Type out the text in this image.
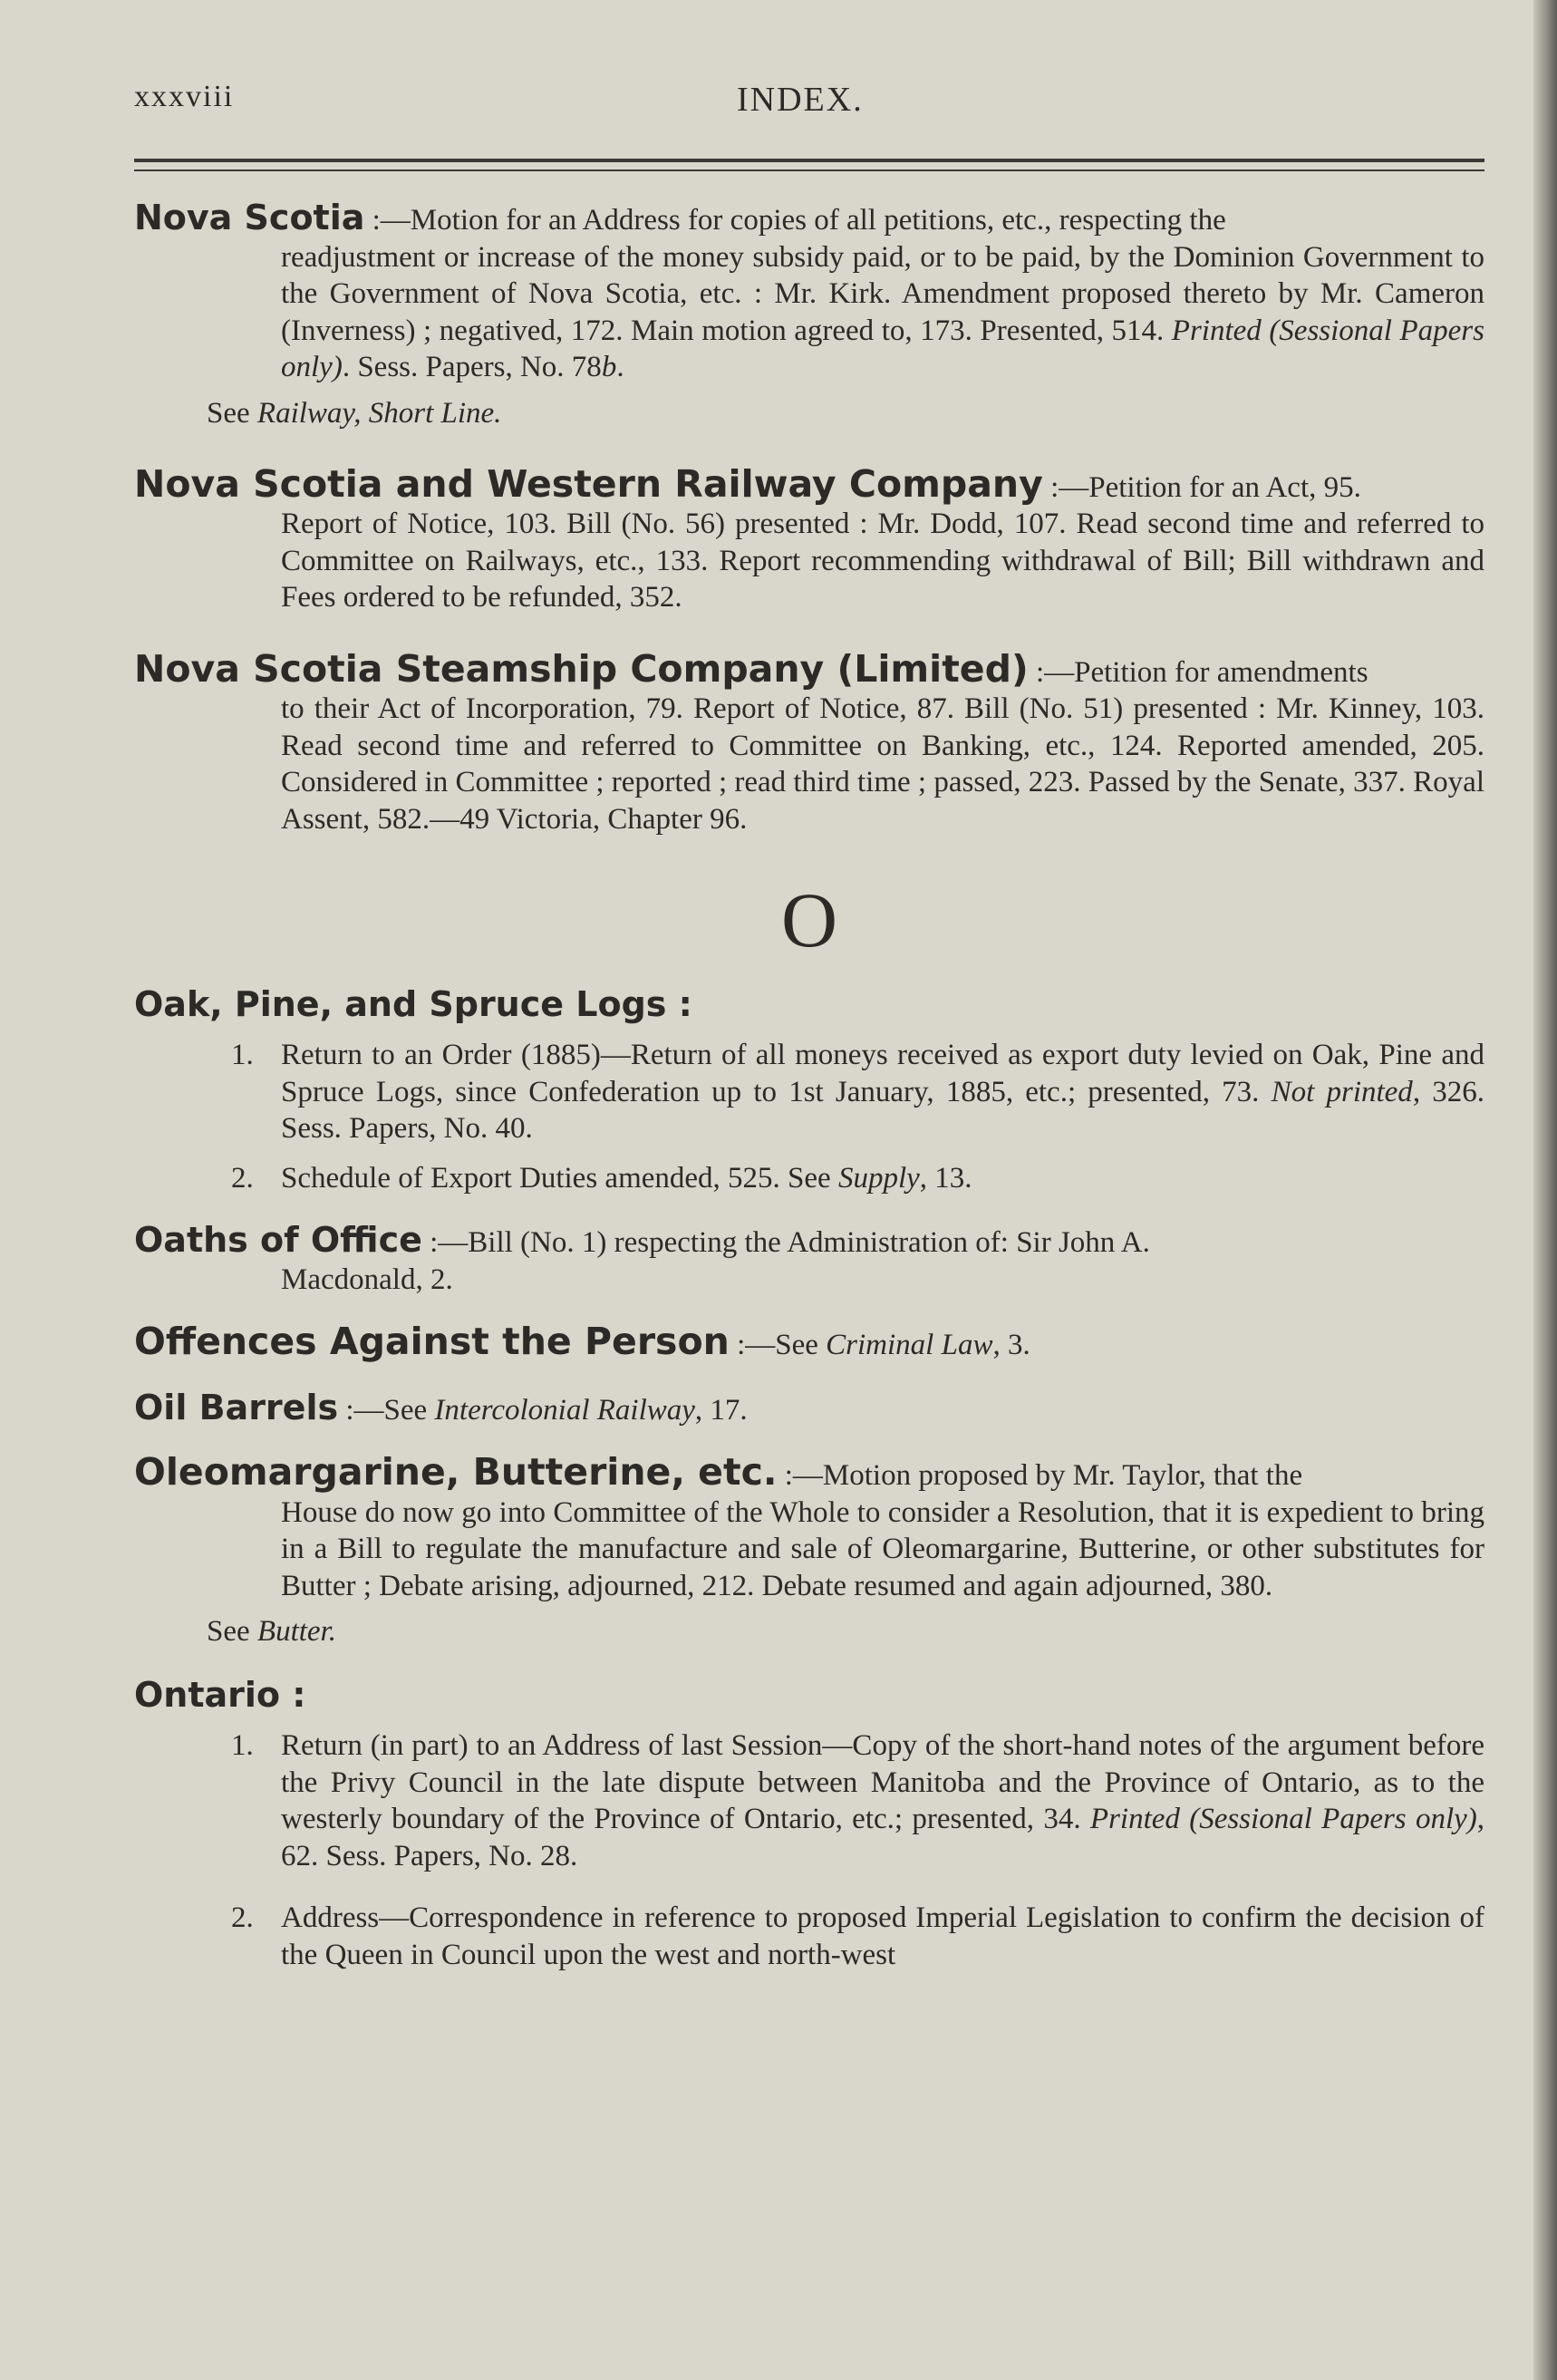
xxxviii	INDEX.
Nova Scotia :—Motion for an Address for copies of all petitions, etc., respecting the
readjustment or increase of the money subsidy paid, or to be paid, by the Dominion Government to the Government of Nova Scotia, etc. : Mr. Kirk. Amendment proposed thereto by Mr. Cameron (Inverness) ; negatived, 172. Main motion agreed to, 173. Presented, 514. Printed (Sessional Papers only). Sess. Papers, No. 78b.
See Railway, Short Line.
Nova Scotia and Western Railway Company :—Petition for an Act, 95.
Report of Notice, 103. Bill (No. 56) presented : Mr. Dodd, 107. Read second time and referred to Committee on Railways, etc., 133. Report recommending withdrawal of Bill; Bill withdrawn and Fees ordered to be refunded, 352.
Nova Scotia Steamship Company (Limited) :—Petition for amendments
to their Act of Incorporation, 79. Report of Notice, 87. Bill (No. 51) presented : Mr. Kinney, 103. Read second time and referred to Committee on Banking, etc., 124. Reported amended, 205. Considered in Committee ; reported ; read third time ; passed, 223. Passed by the Senate, 337. Royal Assent, 582.—49 Victoria, Chapter 96.
O
Oak, Pine, and Spruce Logs :
1. Return to an Order (1885)—Return of all moneys received as export duty levied on Oak, Pine and Spruce Logs, since Confederation up to 1st January, 1885, etc.; presented, 73. Not printed, 326. Sess. Papers, No. 40.
2. Schedule of Export Duties amended, 525. See Supply, 13.
Oaths of Office :—Bill (No. 1) respecting the Administration of: Sir John A.
Macdonald, 2.
Offences Against the Person :—See Criminal Law, 3.
Oil Barrels :—See Intercolonial Railway, 17.
Oleomargarine, Butterine, etc. :—Motion proposed by Mr. Taylor, that the
House do now go into Committee of the Whole to consider a Resolution, that it is expedient to bring in a Bill to regulate the manufacture and sale of Oleomargarine, Butterine, or other substitutes for Butter ; Debate arising, adjourned, 212. Debate resumed and again adjourned, 380.
See Butter.
Ontario :
1. Return (in part) to an Address of last Session—Copy of the short-hand notes of the argument before the Privy Council in the late dispute between Manitoba and the Province of Ontario, as to the westerly boundary of the Province of Ontario, etc.; presented, 34. Printed (Sessional Papers only), 62. Sess. Papers, No. 28.
2. Address—Correspondence in reference to proposed Imperial Legislation to confirm the decision of the Queen in Council upon the west and north-west
